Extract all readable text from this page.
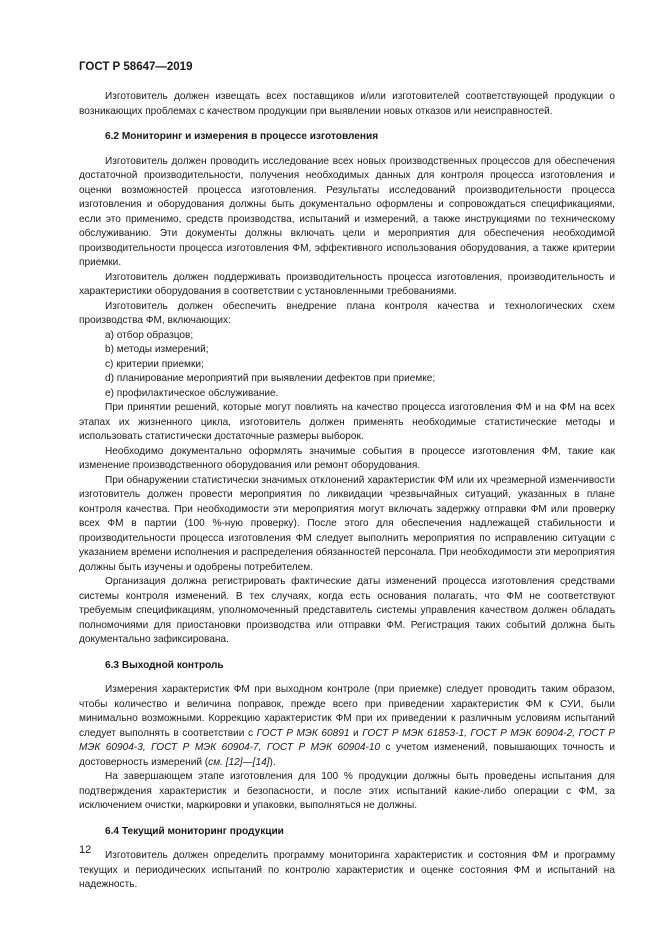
ГОСТ Р 58647—2019

Изготовитель должен извещать всех поставщиков и/или изготовителей соответствующей продукции о возникающих проблемах с качеством продукции при выявлении новых отказов или неисправностей.

6.2 Мониторинг и измерения в процессе изготовления

Изготовитель должен проводить исследование всех новых производственных процессов для обеспечения достаточной производительности, получения необходимых данных для контроля процесса изготовления и оценки возможностей процесса изготовления. Результаты исследований производительности процесса изготовления и оборудования должны быть документально оформлены и сопровождаться спецификациями, если это применимо, средств производства, испытаний и измерений, а также инструкциями по техническому обслуживанию. Эти документы должны включать цели и мероприятия для обеспечения необходимой производительности процесса изготовления ФМ, эффективного использования оборудования, а также критерии приемки.

Изготовитель должен поддерживать производительность процесса изготовления, производительность и характеристики оборудования в соответствии с установленными требованиями.

Изготовитель должен обеспечить внедрение плана контроля качества и технологических схем производства ФМ, включающих:

a) отбор образцов;

b) методы измерений;

c) критерии приемки;

d) планирование мероприятий при выявлении дефектов при приемке;

e) профилактическое обслуживание.

При принятии решений, которые могут повлиять на качество процесса изготовления ФМ и на ФМ на всех этапах их жизненного цикла, изготовитель должен применять необходимые статистические методы и использовать статистически достаточные размеры выборок.

Необходимо документально оформлять значимые события в процессе изготовления ФМ, такие как изменение производственного оборудования или ремонт оборудования.

При обнаружении статистически значимых отклонений характеристик ФМ или их чрезмерной изменчивости изготовитель должен провести мероприятия по ликвидации чрезвычайных ситуаций, указанных в плане контроля качества. При необходимости эти мероприятия могут включать задержку отправки ФМ или проверку всех ФМ в партии (100 %-ную проверку). После этого для обеспечения надлежащей стабильности и производительности процесса изготовления ФМ следует выполнить мероприятия по исправлению ситуации с указанием времени исполнения и распределения обязанностей персонала. При необходимости эти мероприятия должны быть изучены и одобрены потребителем.

Организация должна регистрировать фактические даты изменений процесса изготовления средствами системы контроля изменений. В тех случаях, когда есть основания полагать, что ФМ не соответствуют требуемым спецификациям, уполномоченный представитель системы управления качеством должен обладать полномочиями для приостановки производства или отправки ФМ. Регистрация таких событий должна быть документально зафиксирована.

6.3 Выходной контроль

Измерения характеристик ФМ при выходном контроле (при приемке) следует проводить таким образом, чтобы количество и величина поправок, прежде всего при приведении характеристик ФМ к СУИ, были минимально возможными. Коррекцию характеристик ФМ при их приведении к различным условиям испытаний следует выполнять в соответствии с ГОСТ Р МЭК 60891 и ГОСТ Р МЭК 61853-1, ГОСТ Р МЭК 60904-2, ГОСТ Р МЭК 60904-3, ГОСТ Р МЭК 60904-7, ГОСТ Р МЭК 60904-10 с учетом изменений, повышающих точность и достоверность измерений (см. [12]—[14]).

На завершающем этапе изготовления для 100 % продукции должны быть проведены испытания для подтверждения характеристик и безопасности, и после этих испытаний какие-либо операции с ФМ, за исключением очистки, маркировки и упаковки, выполняться не должны.

6.4 Текущий мониторинг продукции

Изготовитель должен определить программу мониторинга характеристик и состояния ФМ и программу текущих и периодических испытаний по контролю характеристик и оценке состояния ФМ и испытаний на надежность.

12
